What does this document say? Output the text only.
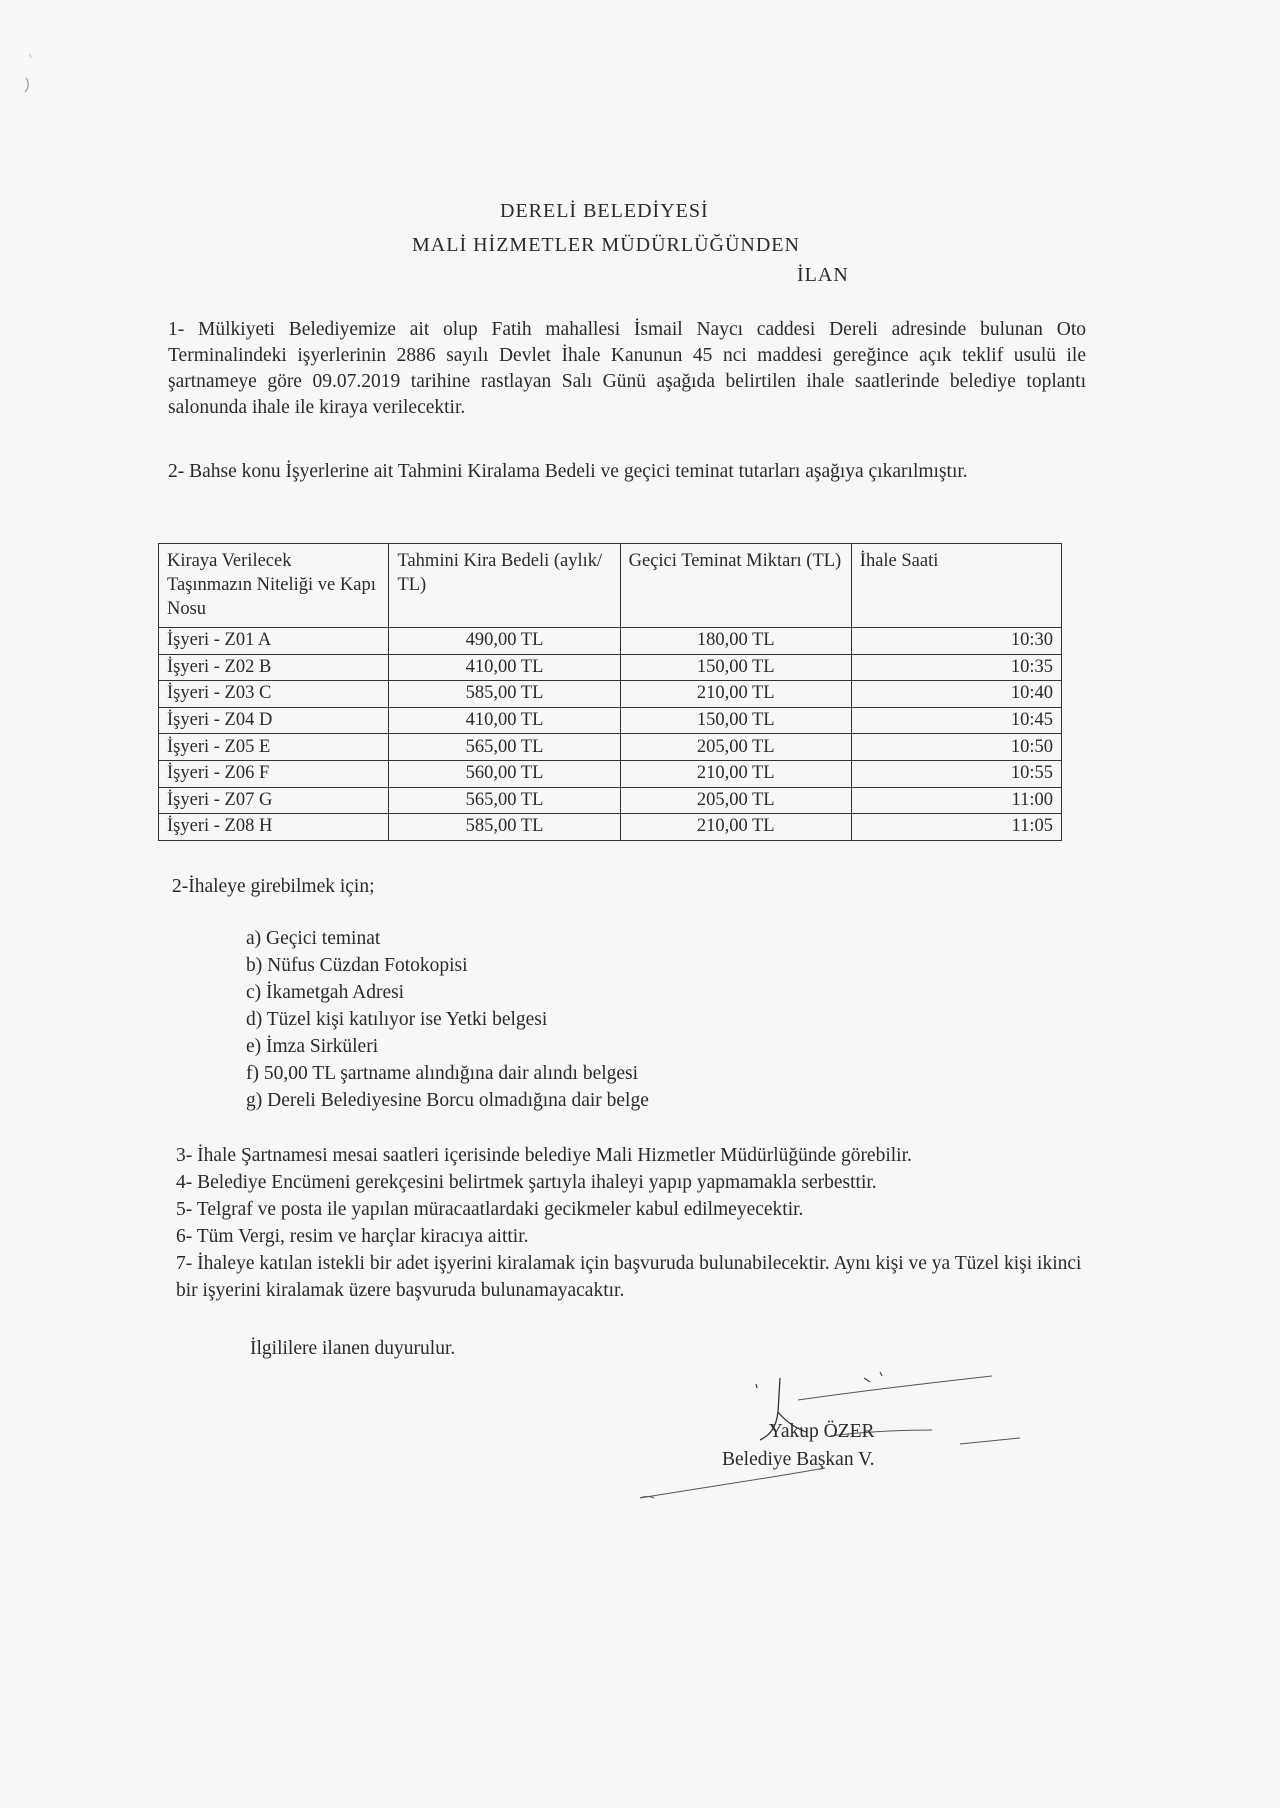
DERELİ BELEDİYESİ
MALİ HİZMETLER MÜDÜRLÜĞÜNDEN
İLAN
1- Mülkiyeti Belediyemize ait olup Fatih mahallesi İsmail Naycı caddesi Dereli adresinde bulunan Oto Terminalindeki işyerlerinin 2886 sayılı Devlet İhale Kanunun 45 nci maddesi gereğince açık teklif usulü ile şartnameye göre 09.07.2019 tarihine rastlayan Salı Günü aşağıda belirtilen ihale saatlerinde belediye toplantı salonunda ihale ile kiraya verilecektir.
2- Bahse konu İşyerlerine ait Tahmini Kiralama Bedeli ve geçici teminat tutarları aşağıya çıkarılmıştır.
Kiraya Verilecek Taşınmazın Niteliği ve Kapı Nosu	Tahmini Kira Bedeli (aylık/ TL)	Geçici Teminat Miktarı (TL)	İhale Saati
İşyeri - Z01 A	490,00 TL	180,00 TL	10:30
İşyeri - Z02 B	410,00 TL	150,00 TL	10:35
İşyeri - Z03 C	585,00 TL	210,00 TL	10:40
İşyeri - Z04 D	410,00 TL	150,00 TL	10:45
İşyeri - Z05 E	565,00 TL	205,00 TL	10:50
İşyeri - Z06 F	560,00 TL	210,00 TL	10:55
İşyeri - Z07 G	565,00 TL	205,00 TL	11:00
İşyeri - Z08 H	585,00 TL	210,00 TL	11:05
2-İhaleye girebilmek için;
a) Geçici teminat
b) Nüfus Cüzdan Fotokopisi
c) İkametgah Adresi
d) Tüzel kişi katılıyor ise Yetki belgesi
e) İmza Sirküleri
f) 50,00 TL şartname alındığına dair alındı belgesi
g) Dereli Belediyesine Borcu olmadığına dair belge
3- İhale Şartnamesi mesai saatleri içerisinde belediye Mali Hizmetler Müdürlüğünde görebilir.
4- Belediye Encümeni gerekçesini belirtmek şartıyla ihaleyi yapıp yapmamakla serbesttir.
5- Telgraf ve posta ile yapılan müracaatlardaki gecikmeler kabul edilmeyecektir.
6- Tüm Vergi, resim ve harçlar kiracıya aittir.
7- İhaleye katılan istekli bir adet işyerini kiralamak için başvuruda bulunabilecektir. Aynı kişi ve ya Tüzel kişi ikinci bir işyerini kiralamak üzere başvuruda bulunamayacaktır.
İlgililere ilanen duyurulur.
Yakup ÖZER
Belediye Başkan V.
